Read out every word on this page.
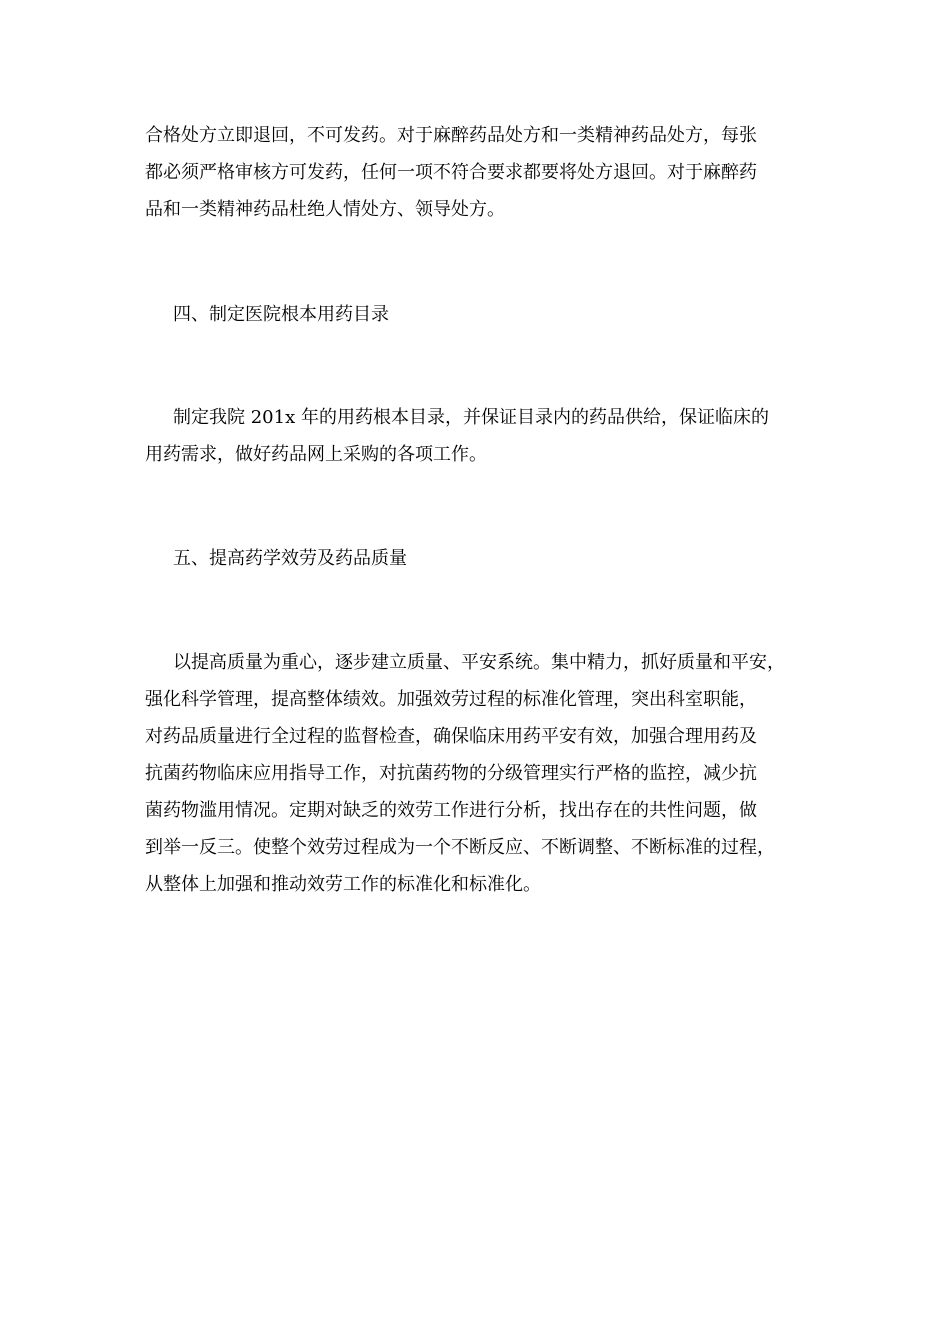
合格处方立即退回，不可发药。对于麻醉药品处方和一类精神药品处方，每张
都必须严格审核方可发药，任何一项不符合要求都要将处方退回。对于麻醉药
品和一类精神药品杜绝人情处方、领导处方。
四、制定医院根本用药目录
制定我院 201x 年的用药根本目录，并保证目录内的药品供给，保证临床的
用药需求，做好药品网上采购的各项工作。
五、提高药学效劳及药品质量
以提高质量为重心，逐步建立质量、平安系统。集中精力，抓好质量和平安，
强化科学管理，提高整体绩效。加强效劳过程的标准化管理，突出科室职能，
对药品质量进行全过程的监督检查，确保临床用药平安有效，加强合理用药及
抗菌药物临床应用指导工作，对抗菌药物的分级管理实行严格的监控，减少抗
菌药物滥用情况。定期对缺乏的效劳工作进行分析，找出存在的共性问题，做
到举一反三。使整个效劳过程成为一个不断反应、不断调整、不断标准的过程，
从整体上加强和推动效劳工作的标准化和标准化。
